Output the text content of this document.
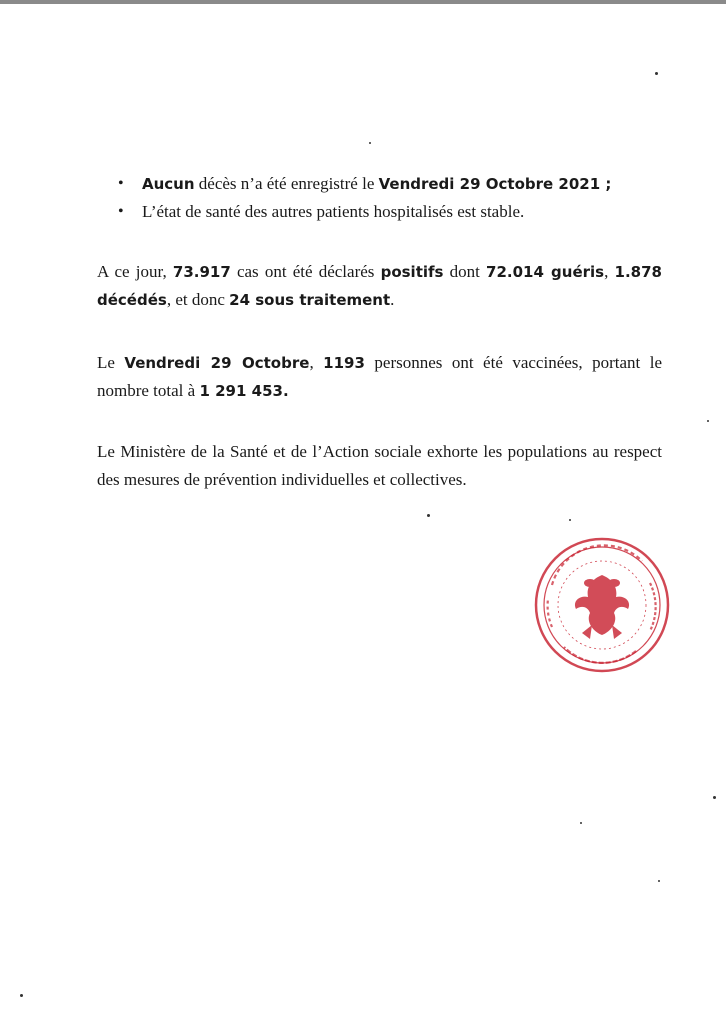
• Aucun décès n’a été enregistré le Vendredi 29 Octobre 2021 ;
• L’état de santé des autres patients hospitalisés est stable.

A ce jour, 73.917 cas ont été déclarés positifs dont 72.014 guéris, 1.878 décédés, et donc 24 sous traitement.

Le Vendredi 29 Octobre, 1193 personnes ont été vaccinées, portant le nombre total à 1 291 453.

Le Ministère de la Santé et de l’Action sociale exhorte les populations au respect des mesures de prévention individuelles et collectives.
